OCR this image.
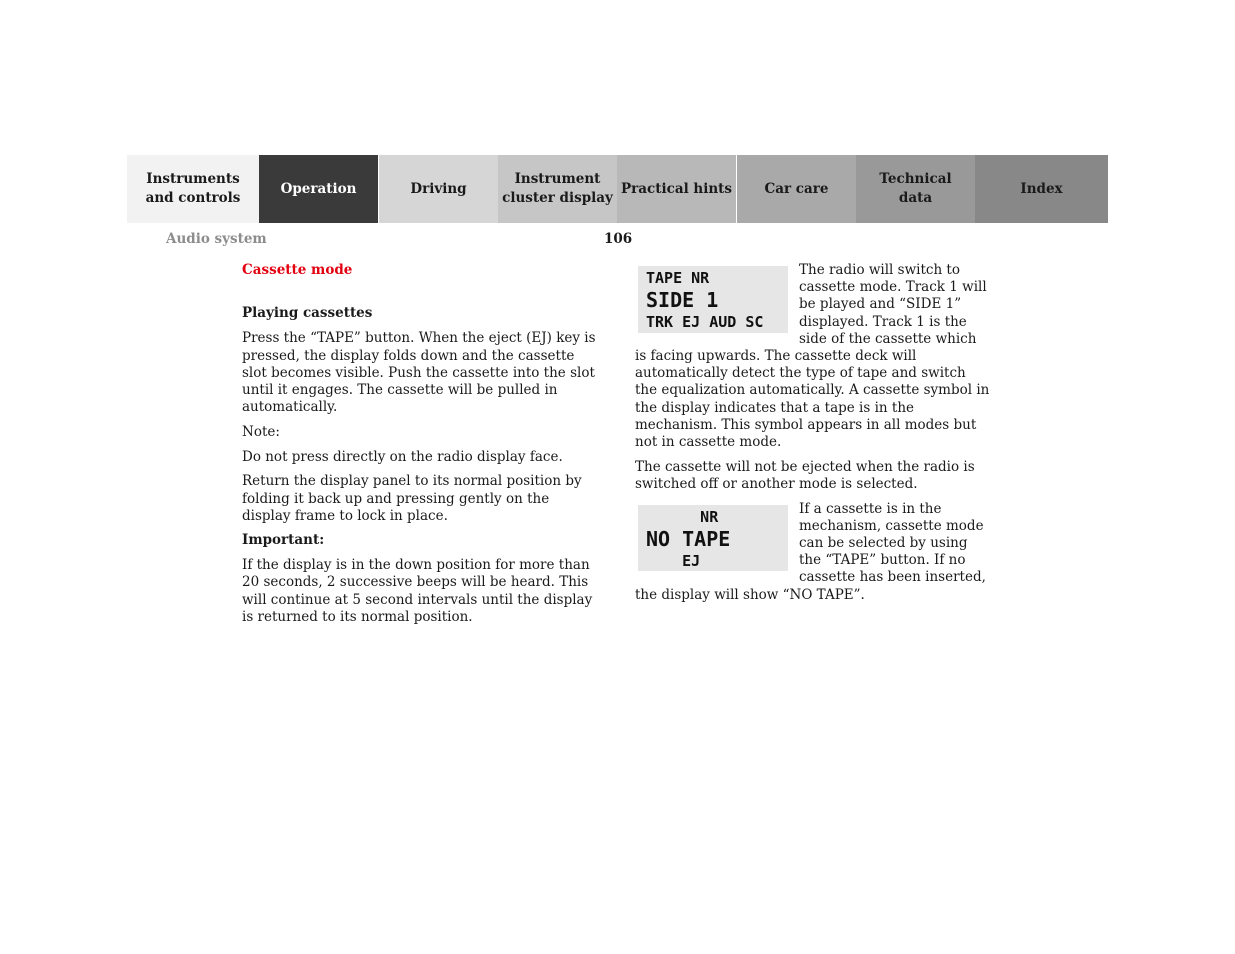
Instruments
and controls
Operation	Driving
Instrument
cluster display
Practical hints	Car care
Technical
data
Index
Audio system	106
Cassette mode
Playing cassettes

Press the “TAPE” button. When the eject (EJ) key is pressed, the display folds down and the cassette slot becomes visible. Push the cassette into the slot until it engages. The cassette will be pulled in automatically.

Note:

Do not press directly on the radio display face.

Return the display panel to its normal position by folding it back up and pressing gently on the display frame to lock in place.

Important:

If the display is in the down position for more than 20 seconds, 2 successive beeps will be heard. This will continue at 5 second intervals until the display is returned to its normal position.

TAPE NR
SIDE 1
TRK EJ AUD SC

The radio will switch to cassette mode. Track 1 will be played and “SIDE 1” displayed. Track 1 is the side of the cassette which is facing upwards. The cassette deck will automatically detect the type of tape and switch the equalization automatically. A cassette symbol in the display indicates that a tape is in the mechanism. This symbol appears in all modes but not in cassette mode.

The cassette will not be ejected when the radio is switched off or another mode is selected.

NR
NO TAPE
EJ

If a cassette is in the mechanism, cassette mode can be selected by using the “TAPE” button. If no cassette has been inserted, the display will show “NO TAPE”.
